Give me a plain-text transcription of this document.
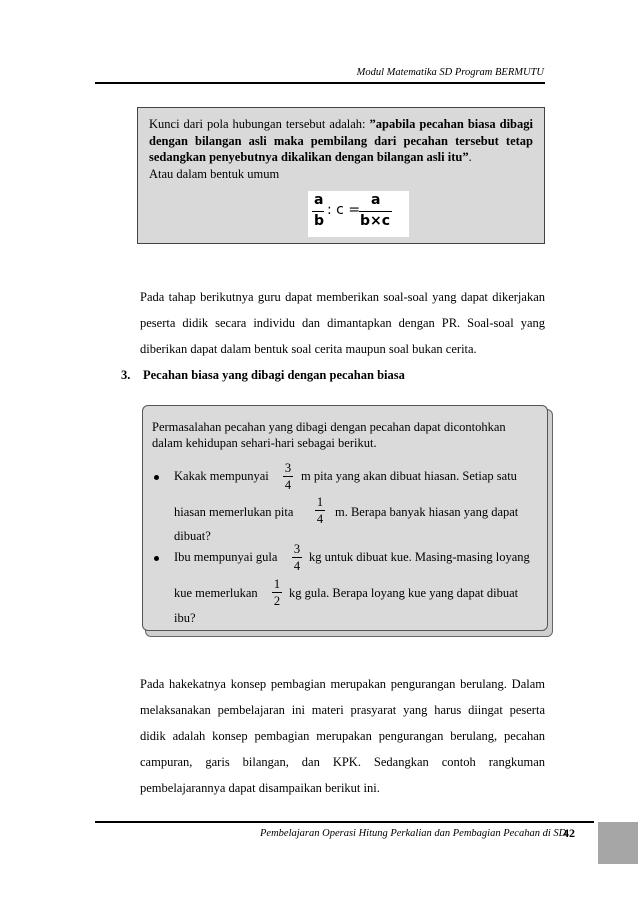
Modul Matematika SD Program BERMUTU

Kunci dari pola hubungan tersebut adalah: ”apabila pecahan biasa dibagi dengan bilangan asli maka pembilang dari pecahan tersebut tetap sedangkan penyebutnya dikalikan dengan bilangan asli itu”.
Atau dalam bentuk umum

a
b
: c =
a
b×c
Pada tahap berikutnya guru dapat memberikan soal-soal yang dapat dikerjakan
peserta didik secara individu dan dimantapkan dengan PR. Soal-soal yang
diberikan dapat dalam bentuk soal cerita maupun soal bukan cerita.
3. Pecahan biasa yang dibagi dengan pecahan biasa
Permasalahan pecahan yang dibagi dengan pecahan dapat dicontohkan
dalam kehidupan sehari-hari sebagai berikut.
Kakak mempunyai
3
4
m pita yang akan dibuat hiasan. Setiap satu
hiasan memerlukan pita
1
4 m. Berapa banyak hiasan yang dapat
dibuat?
Ibu mempunyai gula
3
4
kg untuk dibuat kue. Masing-masing loyang
kue memerlukan
1
2
kg gula. Berapa loyang kue yang dapat dibuat
ibu?
Pada hakekatnya konsep pembagian merupakan pengurangan berulang. Dalam
melaksanakan pembelajaran ini materi prasyarat yang harus diingat peserta
didik adalah konsep pembagian merupakan pengurangan berulang, pecahan
campuran, garis bilangan, dan KPK. Sedangkan contoh rangkuman
pembelajarannya dapat disampaikan berikut ini.
Pembelajaran Operasi Hitung Perkalian dan Pembagian Pecahan di SD
42
